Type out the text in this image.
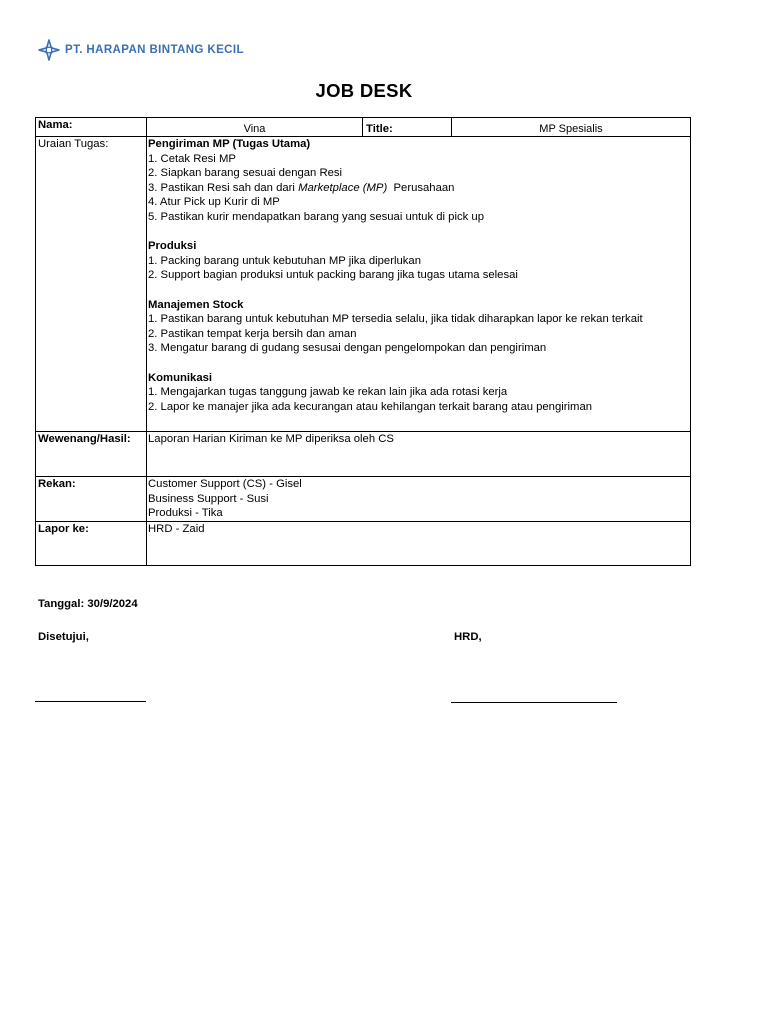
PT. HARAPAN BINTANG KECIL
JOB DESK
Nama:	Vina	Title:	MP Spesialis
Uraian Tugas:	Pengiriman MP (Tugas Utama)
1. Cetak Resi MP
2. Siapkan barang sesuai dengan Resi
3. Pastikan Resi sah dan dari Marketplace (MP)  Perusahaan
4. Atur Pick up Kurir di MP
5. Pastikan kurir mendapatkan barang yang sesuai untuk di pick up
Produksi
1. Packing barang untuk kebutuhan MP jika diperlukan
2. Support bagian produksi untuk packing barang jika tugas utama selesai
Manajemen Stock
1. Pastikan barang untuk kebutuhan MP tersedia selalu, jika tidak diharapkan lapor ke rekan terkait
2. Pastikan tempat kerja bersih dan aman
3. Mengatur barang di gudang sesusai dengan pengelompokan dan pengiriman
Komunikasi
1. Mengajarkan tugas tanggung jawab ke rekan lain jika ada rotasi kerja
2. Lapor ke manajer jika ada kecurangan atau kehilangan terkait barang atau pengiriman
Wewenang/Hasil: Laporan Harian Kiriman ke MP diperiksa oleh CS
Rekan:	Customer Support (CS) - Gisel
Business Support - Susi
Produksi - Tika
Lapor ke:	HRD - Zaid
Tanggal: 30/9/2024
Disetujui,	HRD,
